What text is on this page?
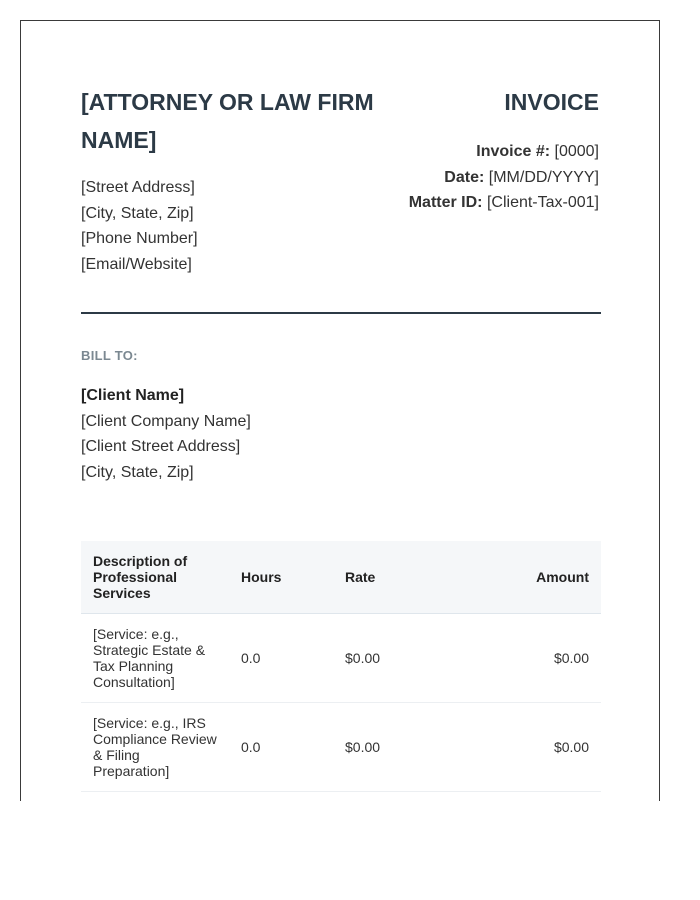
[ATTORNEY OR LAW FIRM NAME]
[Street Address]
[City, State, Zip]
[Phone Number]
[Email/Website]
INVOICE
Invoice #: [0000]
Date: [MM/DD/YYYY]
Matter ID: [Client-Tax-001]
BILL TO:
[Client Name]
[Client Company Name]
[Client Street Address]
[City, State, Zip]
Description of Professional Services	Hours	Rate	Amount
[Service: e.g., Strategic Estate & Tax Planning Consultation]	0.0	$0.00	$0.00
[Service: e.g., IRS Compliance Review & Filing Preparation]	0.0	$0.00	$0.00
